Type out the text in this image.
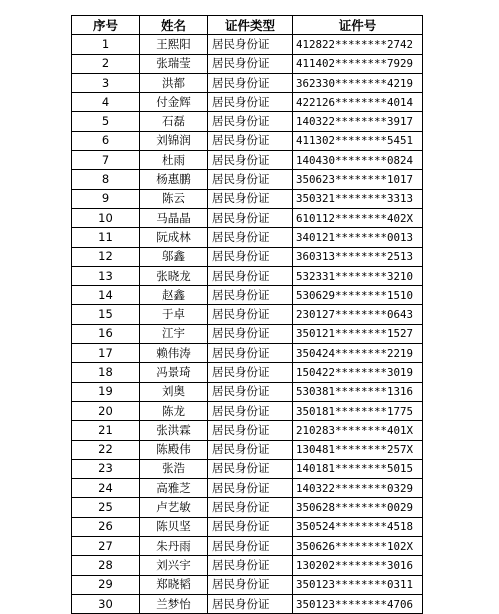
序号	姓名	证件类型	证件号
1	王熙阳	居民身份证	412822********2742
2	张瑞莹	居民身份证	411402********7929
3	洪都	居民身份证	362330********4219
4	付金辉	居民身份证	422126********4014
5	石磊	居民身份证	140322********3917
6	刘锦润	居民身份证	411302********5451
7	杜雨	居民身份证	140430********0824
8	杨惠鹏	居民身份证	350623********1017
9	陈云	居民身份证	350321********3313
10	马晶晶	居民身份证	610112********402X
11	阮成林	居民身份证	340121********0013
12	邬鑫	居民身份证	360313********2513
13	张晓龙	居民身份证	532331********3210
14	赵鑫	居民身份证	530629********1510
15	于卓	居民身份证	230127********0643
16	江宇	居民身份证	350121********1527
17	赖伟涛	居民身份证	350424********2219
18	冯景琦	居民身份证	150422********3019
19	刘奥	居民身份证	530381********1316
20	陈龙	居民身份证	350181********1775
21	张洪霖	居民身份证	210283********401X
22	陈殿伟	居民身份证	130481********257X
23	张浩	居民身份证	140181********5015
24	高雅芝	居民身份证	140322********0329
25	卢艺敏	居民身份证	350628********0029
26	陈贝坚	居民身份证	350524********4518
27	朱丹雨	居民身份证	350626********102X
28	刘兴宇	居民身份证	130202********3016
29	郑晓韬	居民身份证	350123********0311
30	兰梦怡	居民身份证	350123********4706
